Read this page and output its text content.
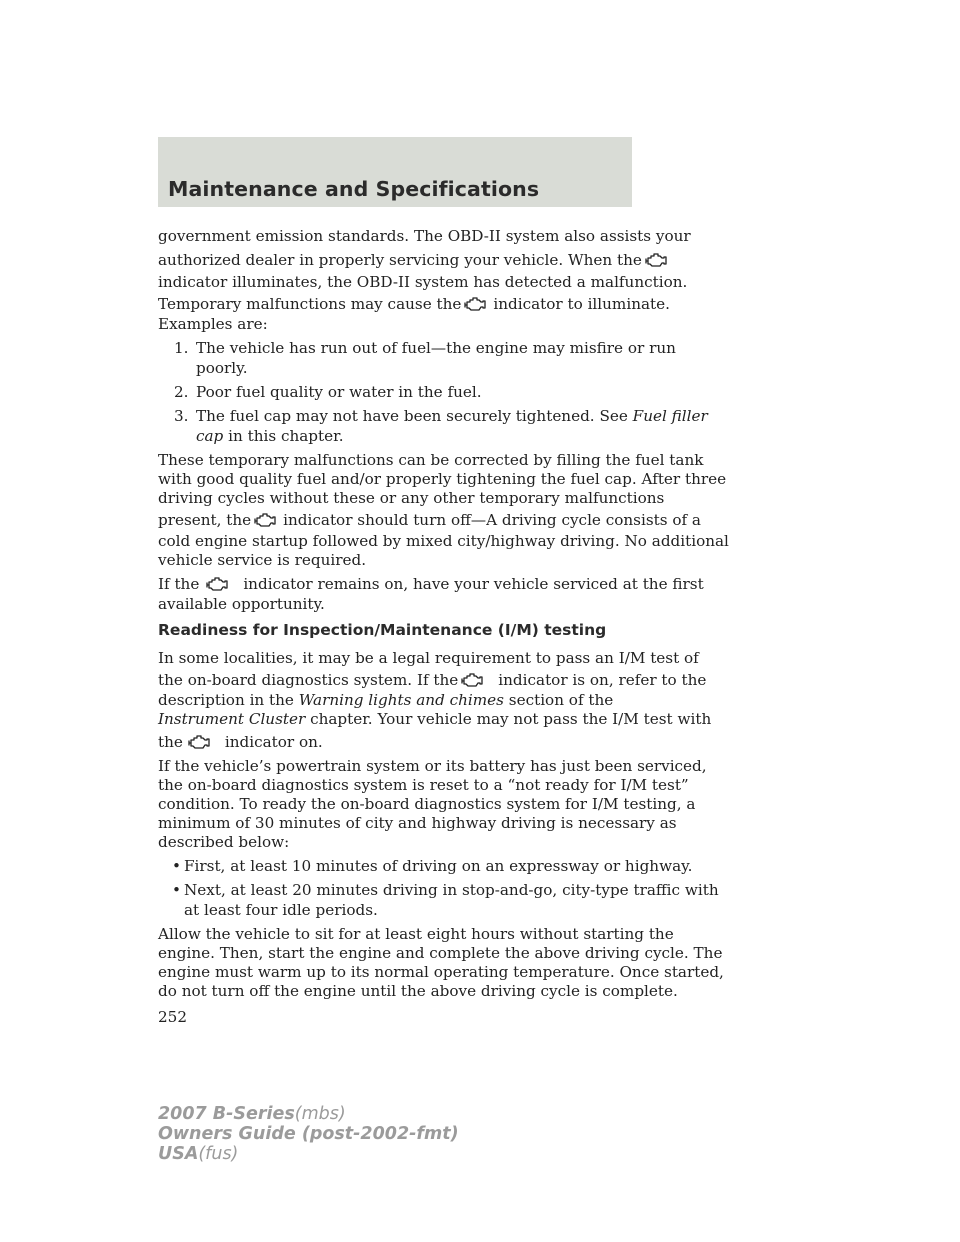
Maintenance and Specifications
government emission standards. The OBD-II system also assists your
authorized dealer in properly servicing your vehicle. When the
indicator illuminates, the OBD-II system has detected a malfunction.
Temporary malfunctions may cause the indicator to illuminate.
Examples are:
1. The vehicle has run out of fuel—the engine may misfire or run
poorly.
2. Poor fuel quality or water in the fuel.
3. The fuel cap may not have been securely tightened. See Fuel filler
cap in this chapter.
These temporary malfunctions can be corrected by filling the fuel tank
with good quality fuel and/or properly tightening the fuel cap. After three
driving cycles without these or any other temporary malfunctions
present, the indicator should turn off—A driving cycle consists of a
cold engine startup followed by mixed city/highway driving. No additional
vehicle service is required.
If the	indicator remains on, have your vehicle serviced at the first
available opportunity.
Readiness for Inspection/Maintenance (I/M) testing
In some localities, it may be a legal requirement to pass an I/M test of
the on-board diagnostics system. If the	indicator is on, refer to the
description in the Warning lights and chimes section of the
Instrument Cluster chapter. Your vehicle may not pass the I/M test with
the	indicator on.
If the vehicle’s powertrain system or its battery has just been serviced,
the on-board diagnostics system is reset to a “not ready for I/M test”
condition. To ready the on-board diagnostics system for I/M testing, a
minimum of 30 minutes of city and highway driving is necessary as
described below:
• First, at least 10 minutes of driving on an expressway or highway.
• Next, at least 20 minutes driving in stop-and-go, city-type traffic with
at least four idle periods.
Allow the vehicle to sit for at least eight hours without starting the
engine. Then, start the engine and complete the above driving cycle. The
engine must warm up to its normal operating temperature. Once started,
do not turn off the engine until the above driving cycle is complete.
252
2007 B-Series(mbs)
Owners Guide (post-2002-fmt)
USA(fus)
